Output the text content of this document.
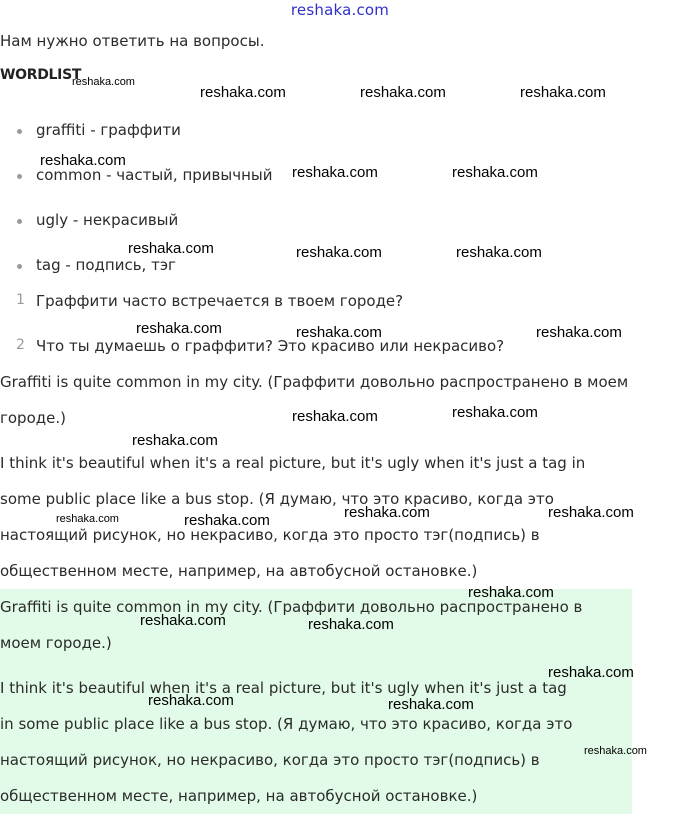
reshaka.com
Нам нужно ответить на вопросы.
WORDLIST
graffiti - граффити
common - частый, привычный
ugly - некрасивый
tag - подпись, тэг
1 Граффити часто встречается в твоем городе?
2 Что ты думаешь о граффити? Это красиво или некрасиво?
Graffiti is quite common in my city. (Граффити довольно распространено в моем
городе.)
I think it's beautiful when it's a real picture, but it's ugly when it's just a tag in
some public place like a bus stop. (Я думаю, что это красиво, когда это
настоящий рисунок, но некрасиво, когда это просто тэг(подпись) в
общественном месте, например, на автобусной остановке.)
Graffiti is quite common in my city. (Граффити довольно распространено в
моем городе.)
I think it's beautiful when it's a real picture, but it's ugly when it's just a tag
in some public place like a bus stop. (Я думаю, что это красиво, когда это
настоящий рисунок, но некрасиво, когда это просто тэг(подпись) в
общественном месте, например, на автобусной остановке.)
reshaka.com
reshaka.com	reshaka.com	reshaka.com
reshaka.com
reshaka.com	reshaka.com
reshaka.com	reshaka.com	reshaka.com
reshaka.com	reshaka.com	reshaka.com
reshaka.com	reshaka.com
reshaka.com
reshaka.com	reshaka.com	reshaka.com	reshaka.com
reshaka.com
reshaka.com	reshaka.com
reshaka.com
reshaka.com	reshaka.com
reshaka.com
